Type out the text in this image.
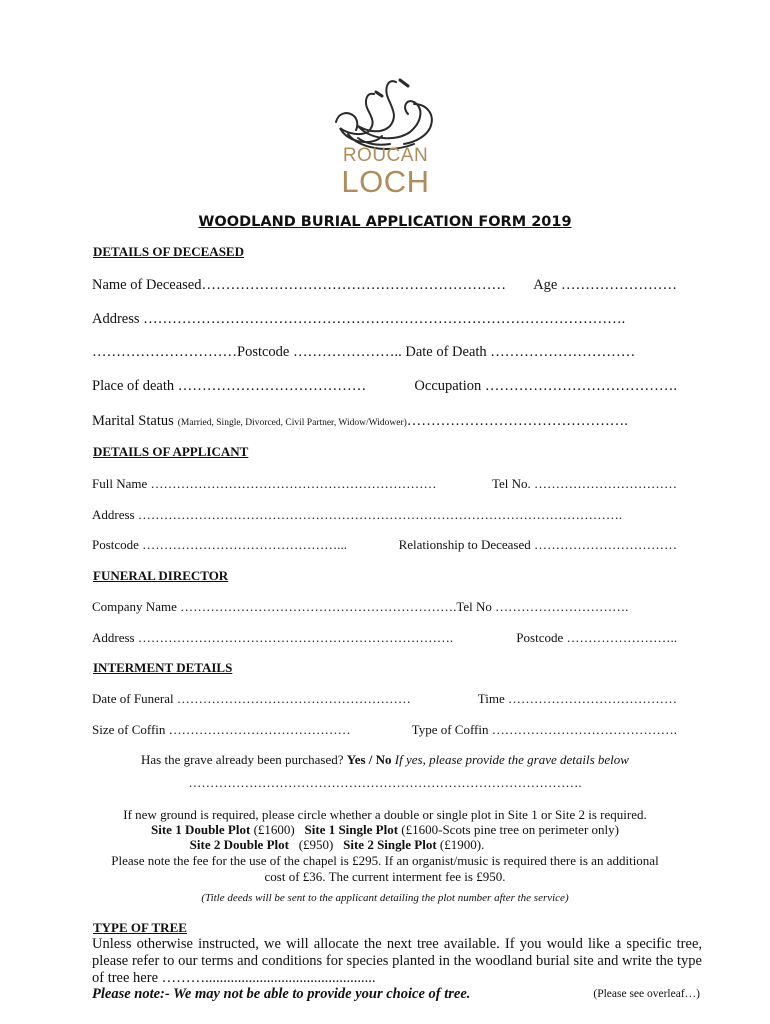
ROUCAN
LOCH
WOODLAND BURIAL APPLICATION FORM 2019
DETAILS OF DECEASED
Name of Deceased……………………………………………………… Age ……………………
Address ……………………………………………………………………………………….
…………………………Postcode ………………….. Date of Death …………………………
Place of death …………………………………	Occupation ………………………………….
Marital Status (Married, Single, Divorced, Civil Partner, Widow/Widower)……………………………………….
DETAILS OF APPLICANT
Full Name …………………………………………………………	Tel No. ……………………………
Address ………………………………………………………………………………………………….
Postcode ………………………………………...	Relationship to Deceased ……………………………
FUNERAL DIRECTOR
Company Name ……………………………………………………….Tel No ………………………….
Address ……………………………………………………………….	Postcode ……………………..
INTERMENT DETAILS
Date of Funeral ………………………………………………	Time …………………………………
Size of Coffin ……………………………………	Type of Coffin …………………………………….
Has the grave already been purchased? Yes / No If yes, please provide the grave details below
……………………………………………………………………………….
If new ground is required, please circle whether a double or single plot in Site 1 or Site 2 is required.
Site 1 Double Plot (£1600) Site 1 Single Plot (£1600-Scots pine tree on perimeter only)
Site 2 Double Plot (£950) Site 2 Single Plot (£1900).
Please note the fee for the use of the chapel is £295. If an organist/music is required there is an additional
cost of £36. The current interment fee is £950.
(Title deeds will be sent to the applicant detailing the plot number after the service)
TYPE OF TREE
Unless otherwise instructed, we will allocate the next tree available. If you would like a specific tree, please refer to our terms and conditions for species planted in the woodland burial site and write the type of tree here ………...............................................
Please note:- We may not be able to provide your choice of tree.	(Please see overleaf…)
